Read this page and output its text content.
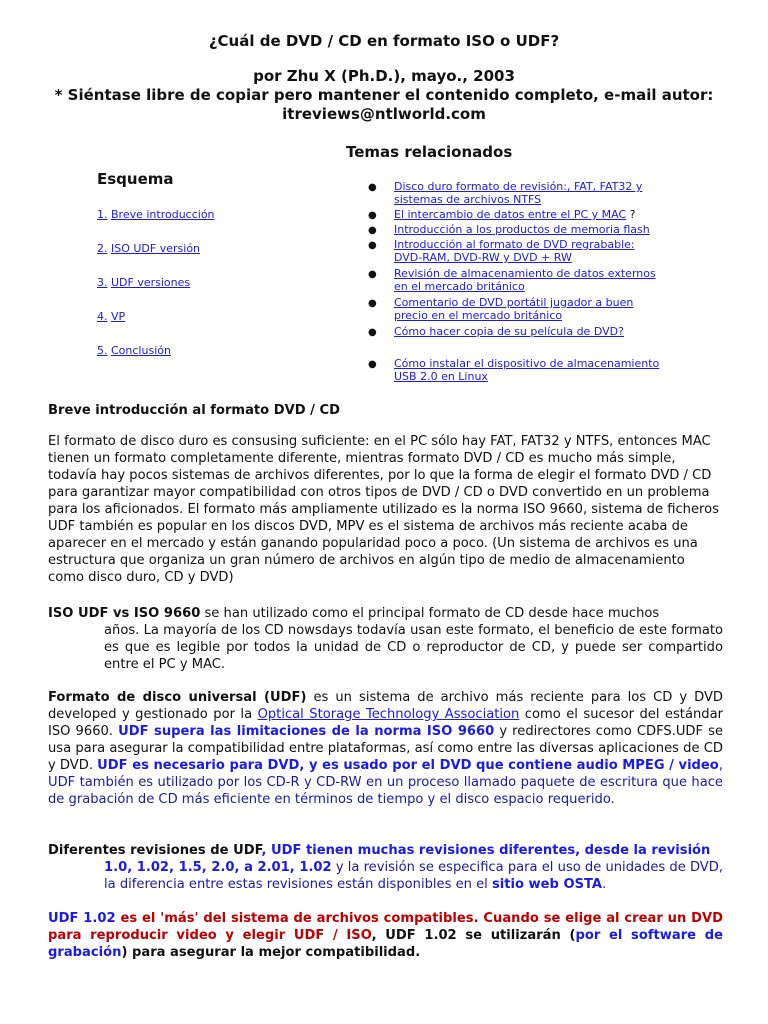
¿Cuál de DVD / CD en formato ISO o UDF?
por Zhu X (Ph.D.), mayo., 2003
* Siéntase libre de copiar pero mantener el contenido completo, e-mail autor:
itreviews@ntlworld.com
Temas relacionados
Esquema
1. Breve introducción
2. ISO UDF versión
3. UDF versiones
4. VP
5. Conclusión
●	Disco duro formato de revisión:, FAT, FAT32 y
sistemas de archivos NTFS
●	El intercambio de datos entre el PC y MAC ?
●	Introducción a los productos de memoria flash
●	Introducción al formato de DVD regrabable:
DVD-RAM, DVD-RW y DVD + RW
●	Revisión de almacenamiento de datos externos
en el mercado británico
●	Comentario de DVD portátil jugador a buen
precio en el mercado británico
●	Cómo hacer copia de su película de DVD?
●	Cómo instalar el dispositivo de almacenamiento
USB 2.0 en Linux
Breve introducción al formato DVD / CD
El formato de disco duro es consusing suficiente: en el PC sólo hay FAT, FAT32 y NTFS, entonces MAC tienen un formato completamente diferente, mientras formato DVD / CD es mucho más simple, todavía hay pocos sistemas de archivos diferentes, por lo que la forma de elegir el formato DVD / CD para garantizar mayor compatibilidad con otros tipos de DVD / CD o DVD convertido en un problema para los aficionados. El formato más ampliamente utilizado es la norma ISO 9660, sistema de ficheros UDF también es popular en los discos DVD, MPV es el sistema de archivos más reciente acaba de aparecer en el mercado y están ganando popularidad poco a poco. (Un sistema de archivos es una estructura que organiza un gran número de archivos en algún tipo de medio de almacenamiento como disco duro, CD y DVD)
ISO UDF vs ISO 9660 se han utilizado como el principal formato de CD desde hace muchos
años. La mayoría de los CD nowsdays todavía usan este formato, el beneficio de este formato es que es legible por todos la unidad de CD o reproductor de CD, y puede ser compartido entre el PC y MAC.
Formato de disco universal (UDF) es un sistema de archivo más reciente para los CD y DVD developed y gestionado por la Optical Storage Technology Association como el sucesor del estándar ISO 9660. UDF supera las limitaciones de la norma ISO 9660 y redirectores como CDFS.UDF se usa para asegurar la compatibilidad entre plataformas, así como entre las diversas aplicaciones de CD y DVD. UDF es necesario para DVD, y es usado por el DVD que contiene audio MPEG / video, UDF también es utilizado por los CD-R y CD-RW en un proceso llamado paquete de escritura que hace de grabación de CD más eficiente en términos de tiempo y el disco espacio requerido.
Diferentes revisiones de UDF, UDF tienen muchas revisiones diferentes, desde la revisión
1.0, 1.02, 1.5, 2.0, a 2.01, 1.02 y la revisión se especifica para el uso de unidades de DVD, la diferencia entre estas revisiones están disponibles en el sitio web OSTA.
UDF 1.02 es el 'más' del sistema de archivos compatibles. Cuando se elige al crear un DVD para reproducir video y elegir UDF / ISO, UDF 1.02 se utilizarán (por el software de grabación) para asegurar la mejor compatibilidad.
